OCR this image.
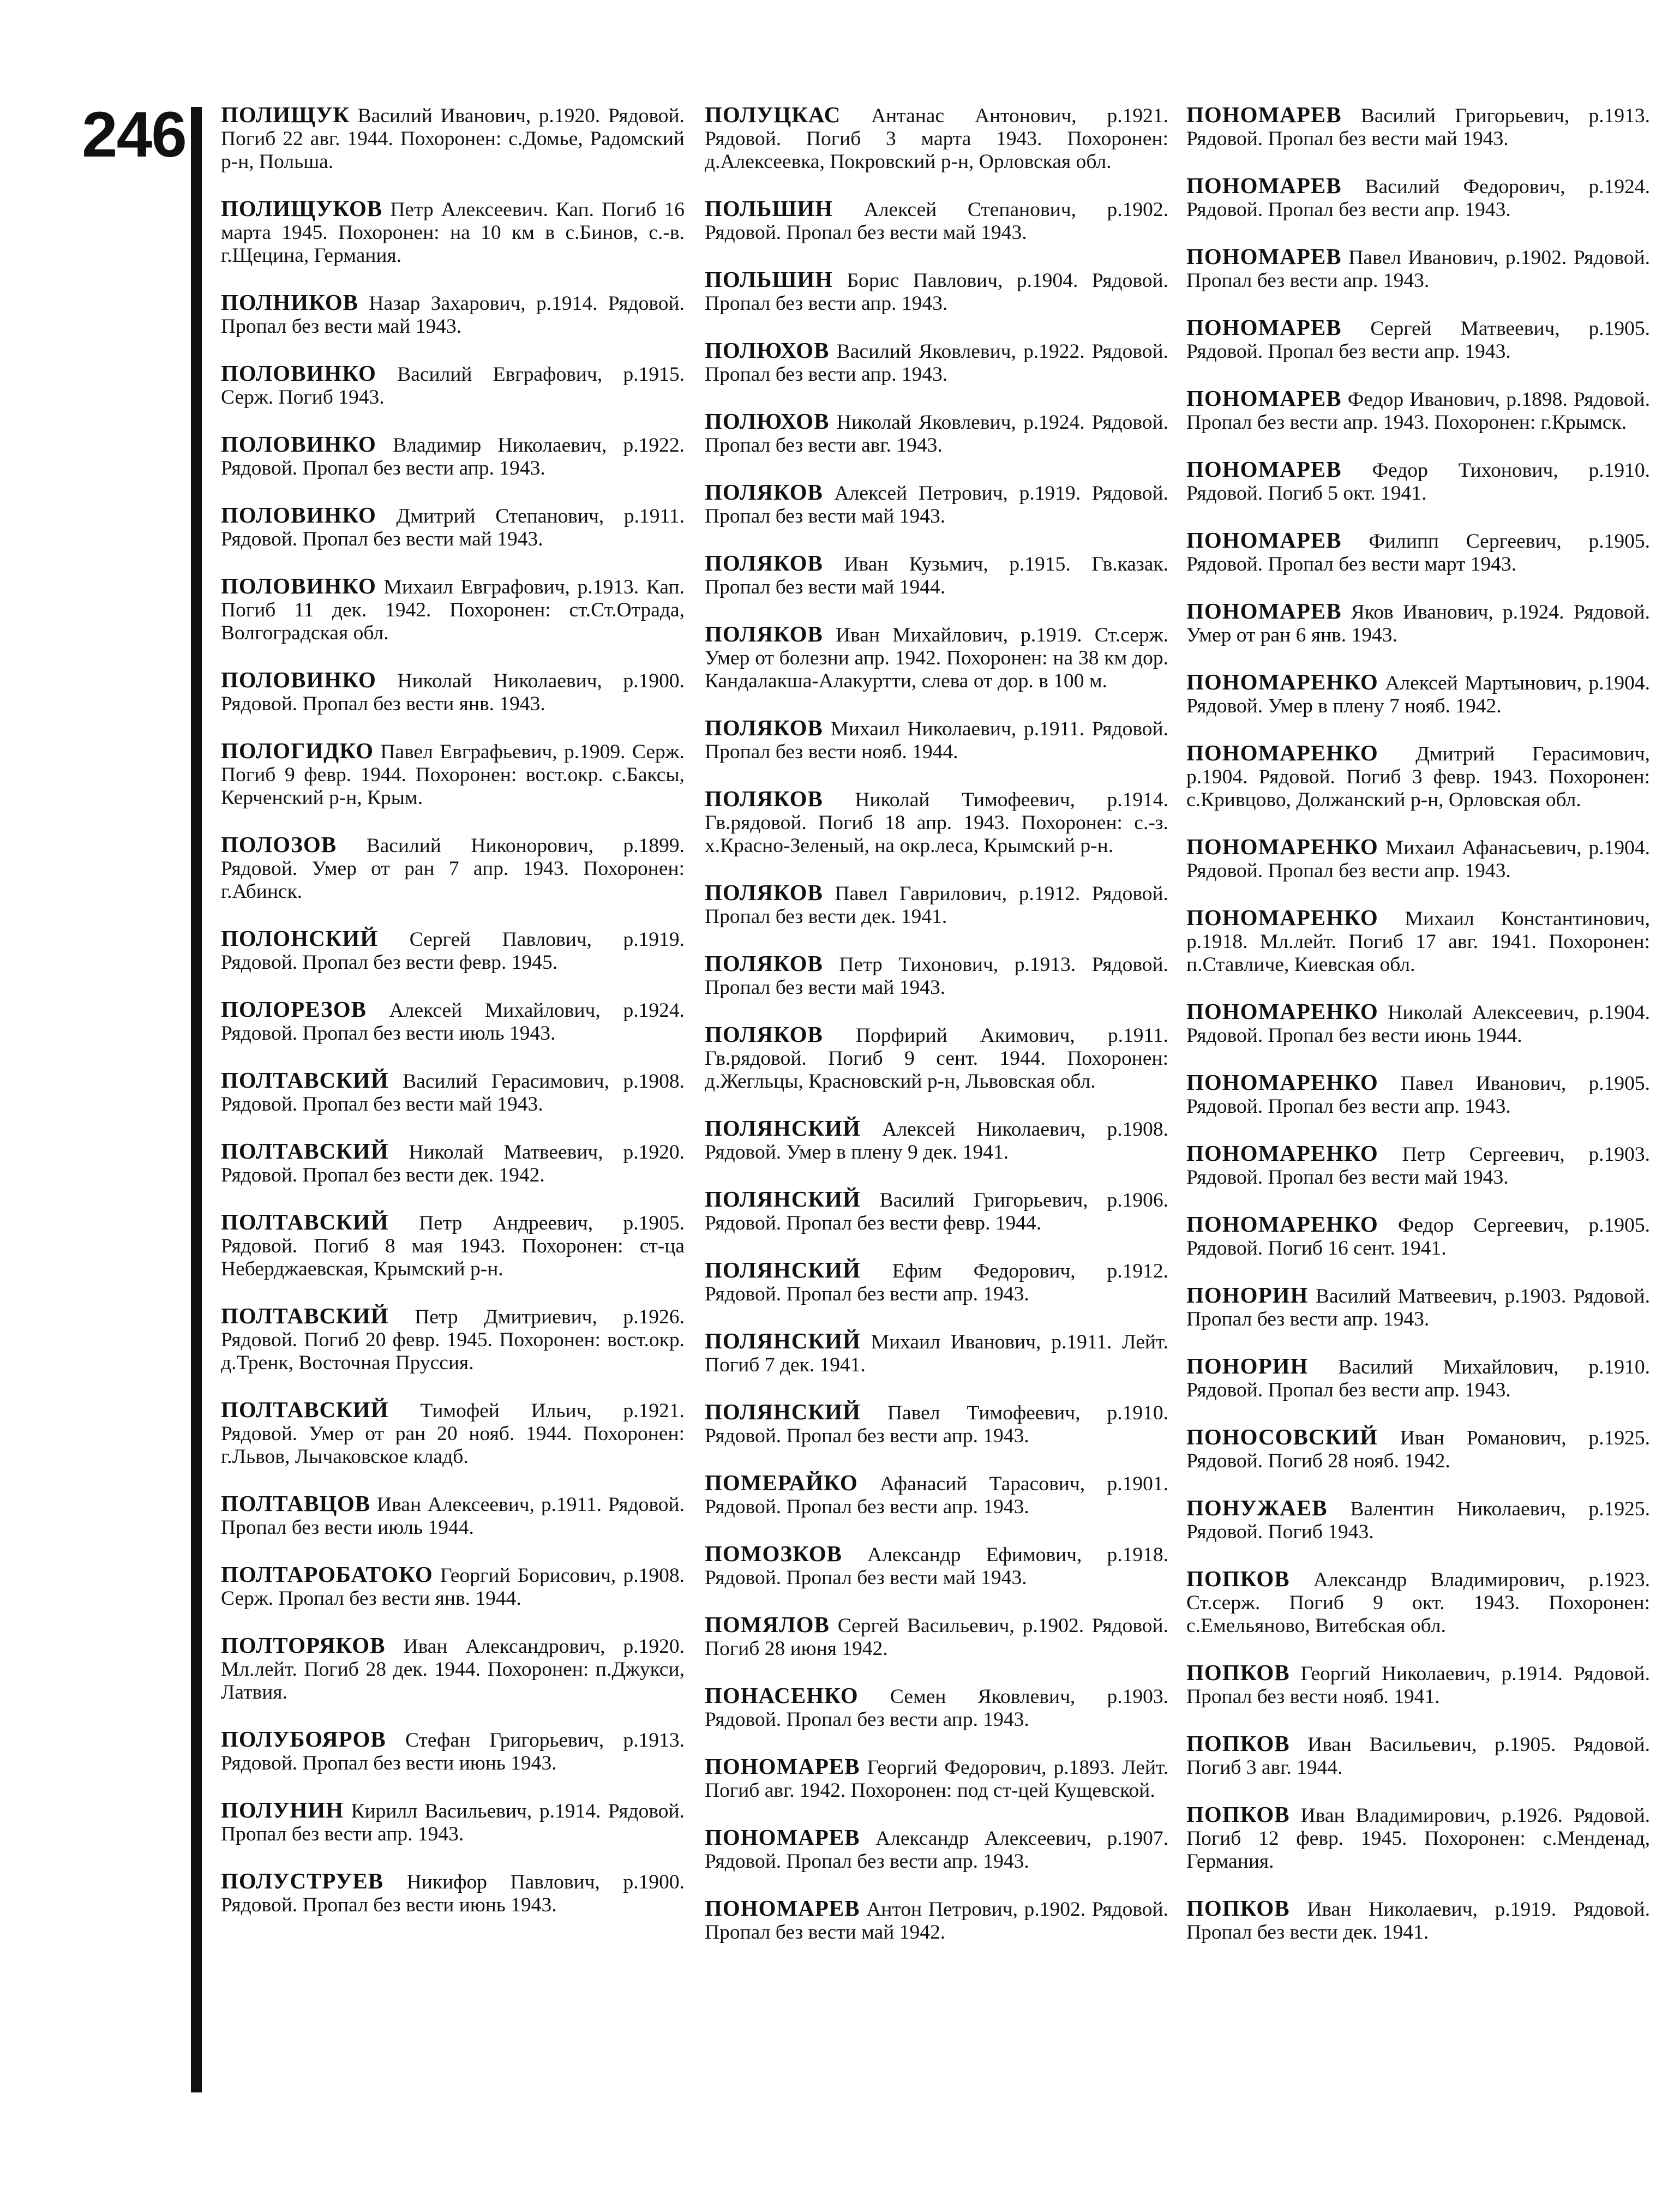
246 ПОЛИЩУК Василий Иванович, р.1920. Рядовой. Погиб 22 авг. 1944. Похоронен: с.Домье, Радомский р-н, Польша.

ПОЛИЩУКОВ Петр Алексеевич. Кап. Погиб 16 марта 1945. Похоронен: на 10 км в с.Бинов, с.-в. г.Щецина, Германия.

ПОЛНИКОВ Назар Захарович, р.1914. Рядовой. Пропал без вести май 1943.

ПОЛОВИНКО Василий Евграфович, р.1915. Серж. Погиб 1943.

ПОЛОВИНКО Владимир Николаевич, р.1922. Рядовой. Пропал без вести апр. 1943.

ПОЛОВИНКО Дмитрий Степанович, р.1911. Рядовой. Пропал без вести май 1943.

ПОЛОВИНКО Михаил Евграфович, р.1913. Кап. Погиб 11 дек. 1942. Похоронен: ст.Ст.Отрада, Волгоградская обл.

ПОЛОВИНКО Николай Николаевич, р.1900. Рядовой. Пропал без вести янв. 1943.

ПОЛОГИДКО Павел Евграфьевич, р.1909. Серж. Погиб 9 февр. 1944. Похоронен: вост.окр. с.Баксы, Керченский р-н, Крым.

ПОЛОЗОВ Василий Никонорович, р.1899. Рядовой. Умер от ран 7 апр. 1943. Похоронен: г.Абинск.

ПОЛОНСКИЙ Сергей Павлович, р.1919. Рядовой. Пропал без вести февр. 1945.

ПОЛОРЕЗОВ Алексей Михайлович, р.1924. Рядовой. Пропал без вести июль 1943.

ПОЛТАВСКИЙ Василий Герасимович, р.1908. Рядовой. Пропал без вести май 1943.

ПОЛТАВСКИЙ Николай Матвеевич, р.1920. Рядовой. Пропал без вести дек. 1942.

ПОЛТАВСКИЙ Петр Андреевич, р.1905. Рядовой. Погиб 8 мая 1943. Похоронен: ст-ца Неберджаевская, Крымский р-н.

ПОЛТАВСКИЙ Петр Дмитриевич, р.1926. Рядовой. Погиб 20 февр. 1945. Похоронен: вост.окр. д.Тренк, Восточная Пруссия.

ПОЛТАВСКИЙ Тимофей Ильич, р.1921. Рядовой. Умер от ран 20 нояб. 1944. Похоронен: г.Львов, Лычаковское кладб.

ПОЛТАВЦОВ Иван Алексеевич, р.1911. Рядовой. Пропал без вести июль 1944.

ПОЛТАРОБАТОКО Георгий Борисович, р.1908. Серж. Пропал без вести янв. 1944.

ПОЛТОРЯКОВ Иван Александрович, р.1920. Мл.лейт. Погиб 28 дек. 1944. Похоронен: п.Джукси, Латвия.

ПОЛУБОЯРОВ Стефан Григорьевич, р.1913. Рядовой. Пропал без вести июнь 1943.

ПОЛУНИН Кирилл Васильевич, р.1914. Рядовой. Пропал без вести апр. 1943.

ПОЛУСТРУЕВ Никифор Павлович, р.1900. Рядовой. Пропал без вести июнь 1943.

ПОЛУЦКАС Антанас Антонович, р.1921. Рядовой. Погиб 3 марта 1943. Похоронен: д.Алексеевка, Покровский р-н, Орловская обл.

ПОЛЬШИН Алексей Степанович, р.1902. Рядовой. Пропал без вести май 1943.

ПОЛЬШИН Борис Павлович, р.1904. Рядовой. Пропал без вести апр. 1943.

ПОЛЮХОВ Василий Яковлевич, р.1922. Рядовой. Пропал без вести апр. 1943.

ПОЛЮХОВ Николай Яковлевич, р.1924. Рядовой. Пропал без вести авг. 1943.

ПОЛЯКОВ Алексей Петрович, р.1919. Рядовой. Пропал без вести май 1943.

ПОЛЯКОВ Иван Кузьмич, р.1915. Гв.казак. Пропал без вести май 1944.

ПОЛЯКОВ Иван Михайлович, р.1919. Ст.серж. Умер от болезни апр. 1942. Похоронен: на 38 км дор. Кандалакша-Алакуртти, слева от дор. в 100 м.

ПОЛЯКОВ Михаил Николаевич, р.1911. Рядовой. Пропал без вести нояб. 1944.

ПОЛЯКОВ Николай Тимофеевич, р.1914. Гв.рядовой. Погиб 18 апр. 1943. Похоронен: с.-з. х.Красно-Зеленый, на окр.леса, Крымский р-н.

ПОЛЯКОВ Павел Гаврилович, р.1912. Рядовой. Пропал без вести дек. 1941.

ПОЛЯКОВ Петр Тихонович, р.1913. Рядовой. Пропал без вести май 1943.

ПОЛЯКОВ Порфирий Акимович, р.1911. Гв.рядовой. Погиб 9 сент. 1944. Похоронен: д.Жегльцы, Красновский р-н, Львовская обл.

ПОЛЯНСКИЙ Алексей Николаевич, р.1908. Рядовой. Умер в плену 9 дек. 1941.

ПОЛЯНСКИЙ Василий Григорьевич, р.1906. Рядовой. Пропал без вести февр. 1944.

ПОЛЯНСКИЙ Ефим Федорович, р.1912. Рядовой. Пропал без вести апр. 1943.

ПОЛЯНСКИЙ Михаил Иванович, р.1911. Лейт. Погиб 7 дек. 1941.

ПОЛЯНСКИЙ Павел Тимофеевич, р.1910. Рядовой. Пропал без вести апр. 1943.

ПОМЕРАЙКО Афанасий Тарасович, р.1901. Рядовой. Пропал без вести апр. 1943.

ПОМОЗКОВ Александр Ефимович, р.1918. Рядовой. Пропал без вести май 1943.

ПОМЯЛОВ Сергей Васильевич, р.1902. Рядовой. Погиб 28 июня 1942.

ПОНАСЕНКО Семен Яковлевич, р.1903. Рядовой. Пропал без вести апр. 1943.

ПОНОМАРЕВ Георгий Федорович, р.1893. Лейт. Погиб авг. 1942. Похоронен: под ст-цей Кущевской.

ПОНОМАРЕВ Александр Алексеевич, р.1907. Рядовой. Пропал без вести апр. 1943.

ПОНОМАРЕВ Антон Петрович, р.1902. Рядовой. Пропал без вести май 1942.

ПОНОМАРЕВ Василий Григорьевич, р.1913. Рядовой. Пропал без вести май 1943.

ПОНОМАРЕВ Василий Федорович, р.1924. Рядовой. Пропал без вести апр. 1943.

ПОНОМАРЕВ Павел Иванович, р.1902. Рядовой. Пропал без вести апр. 1943.

ПОНОМАРЕВ Сергей Матвеевич, р.1905. Рядовой. Пропал без вести апр. 1943.

ПОНОМАРЕВ Федор Иванович, р.1898. Рядовой. Пропал без вести апр. 1943. Похоронен: г.Крымск.

ПОНОМАРЕВ Федор Тихонович, р.1910. Рядовой. Погиб 5 окт. 1941.

ПОНОМАРЕВ Филипп Сергеевич, р.1905. Рядовой. Пропал без вести март 1943.

ПОНОМАРЕВ Яков Иванович, р.1924. Рядовой. Умер от ран 6 янв. 1943.

ПОНОМАРЕНКО Алексей Мартынович, р.1904. Рядовой. Умер в плену 7 нояб. 1942.

ПОНОМАРЕНКО Дмитрий Герасимович, р.1904. Рядовой. Погиб 3 февр. 1943. Похоронен: с.Кривцово, Должанский р-н, Орловская обл.

ПОНОМАРЕНКО Михаил Афанасьевич, р.1904. Рядовой. Пропал без вести апр. 1943.

ПОНОМАРЕНКО Михаил Константинович, р.1918. Мл.лейт. Погиб 17 авг. 1941. Похоронен: п.Ставличе, Киевская обл.

ПОНОМАРЕНКО Николай Алексеевич, р.1904. Рядовой. Пропал без вести июнь 1944.

ПОНОМАРЕНКО Павел Иванович, р.1905. Рядовой. Пропал без вести апр. 1943.

ПОНОМАРЕНКО Петр Сергеевич, р.1903. Рядовой. Пропал без вести май 1943.

ПОНОМАРЕНКО Федор Сергеевич, р.1905. Рядовой. Погиб 16 сент. 1941.

ПОНОРИН Василий Матвеевич, р.1903. Рядовой. Пропал без вести апр. 1943.

ПОНОРИН Василий Михайлович, р.1910. Рядовой. Пропал без вести апр. 1943.

ПОНОСОВСКИЙ Иван Романович, р.1925. Рядовой. Погиб 28 нояб. 1942.

ПОНУЖАЕВ Валентин Николаевич, р.1925. Рядовой. Погиб 1943.

ПОПКОВ Александр Владимирович, р.1923. Ст.серж. Погиб 9 окт. 1943. Похоронен: с.Емельяново, Витебская обл.

ПОПКОВ Георгий Николаевич, р.1914. Рядовой. Пропал без вести нояб. 1941.

ПОПКОВ Иван Васильевич, р.1905. Рядовой. Погиб 3 авг. 1944.

ПОПКОВ Иван Владимирович, р.1926. Рядовой. Погиб 12 февр. 1945. Похоронен: с.Менденад, Германия.

ПОПКОВ Иван Николаевич, р.1919. Рядовой. Пропал без вести дек. 1941.
